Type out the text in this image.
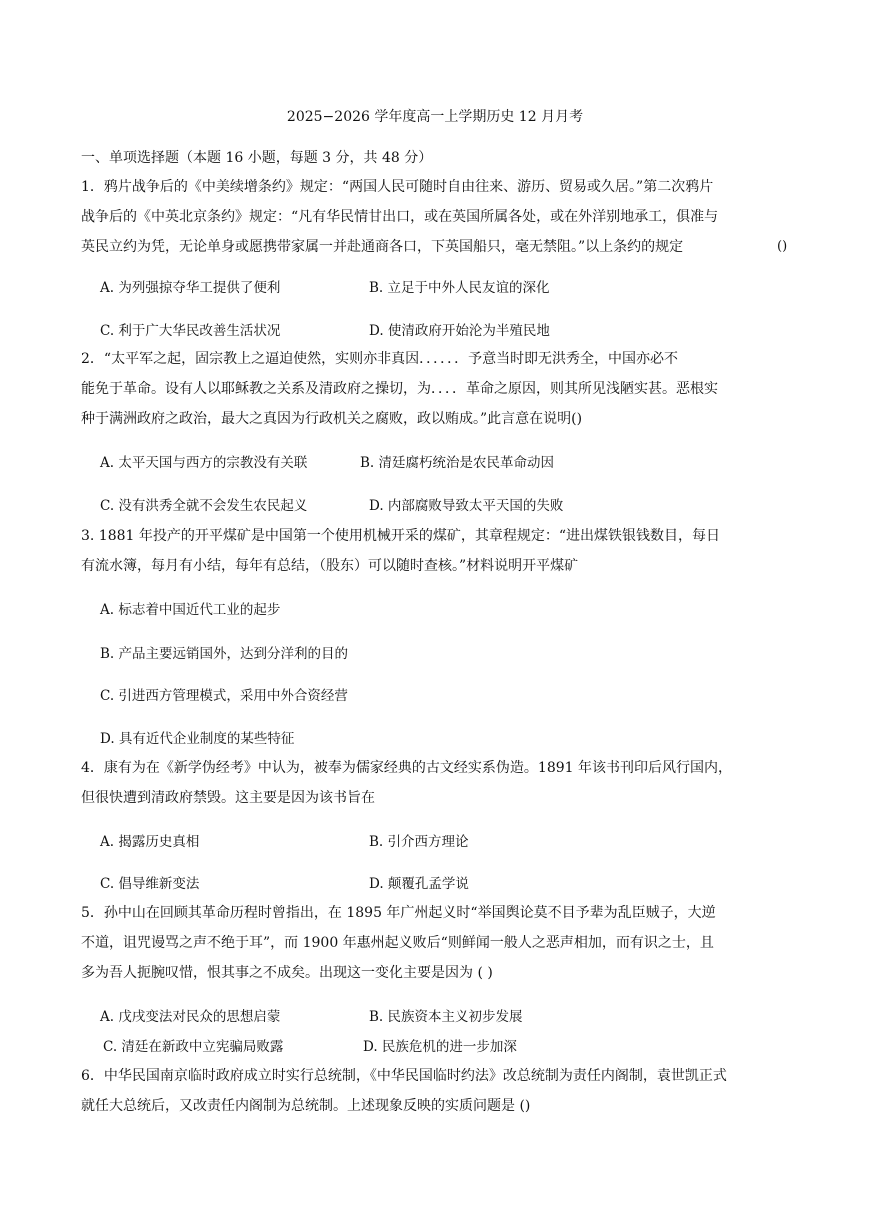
2025−2026 学年度高一上学期历史 12 月月考
一、单项选择题（本题 16 小题，每题 3 分，共 48 分）
1．鸦片战争后的《中美续增条约》规定：“两国人民可随时自由往来、游历、贸易或久居。”第二次鸦片
战争后的《中英北京条约》规定：“凡有华民情甘出口，或在英国所属各处，或在外洋别地承工，俱准与
英民立约为凭，无论单身或愿携带家属一并赴通商各口，下英国船只，毫无禁阻。”以上条约的规定	()
A. 为列强掠夺华工提供了便利	B. 立足于中外人民友谊的深化
C. 利于广大华民改善生活状况	D. 使清政府开始沦为半殖民地
2．“太平军之起，固宗教上之逼迫使然，实则亦非真因．．．．．．予意当时即无洪秀全，中国亦必不
能免于革命。设有人以耶稣教之关系及清政府之操切，为．．．．革命之原因，则其所见浅陋实甚。恶根实
种于满洲政府之政治，最大之真因为行政机关之腐败，政以贿成。”此言意在说明()
A. 太平天国与西方的宗教没有关联	B. 清廷腐朽统治是农民革命动因
C. 没有洪秀全就不会发生农民起义	D. 内部腐败导致太平天国的失败
3. 1881 年投产的开平煤矿是中国第一个使用机械开采的煤矿，其章程规定：“进出煤铁银钱数目，每日
有流水簿，每月有小结，每年有总结，（股东）可以随时查核。”材料说明开平煤矿
A. 标志着中国近代工业的起步
B. 产品主要远销国外，达到分洋利的目的
C. 引进西方管理模式，采用中外合资经营
D. 具有近代企业制度的某些特征
4．康有为在《新学伪经考》中认为，被奉为儒家经典的古文经实系伪造。1891 年该书刊印后风行国内，
但很快遭到清政府禁毁。这主要是因为该书旨在
A. 揭露历史真相	B. 引介西方理论
C. 倡导维新变法	D. 颠覆孔孟学说
5．孙中山在回顾其革命历程时曾指出，在 1895 年广州起义时“举国舆论莫不目予辈为乱臣贼子，大逆
不道，诅咒谩骂之声不绝于耳”，而 1900 年惠州起义败后“则鲜闻一般人之恶声相加，而有识之士，且
多为吾人扼腕叹惜，恨其事之不成矣。出现这一变化主要是因为 ( )
A. 戊戌变法对民众的思想启蒙	B. 民族资本主义初步发展
C. 清廷在新政中立宪骗局败露	D. 民族危机的进一步加深
6．中华民国南京临时政府成立时实行总统制，《中华民国临时约法》改总统制为责任内阁制，袁世凯正式
就任大总统后，又改责任内阁制为总统制。上述现象反映的实质问题是 ()
